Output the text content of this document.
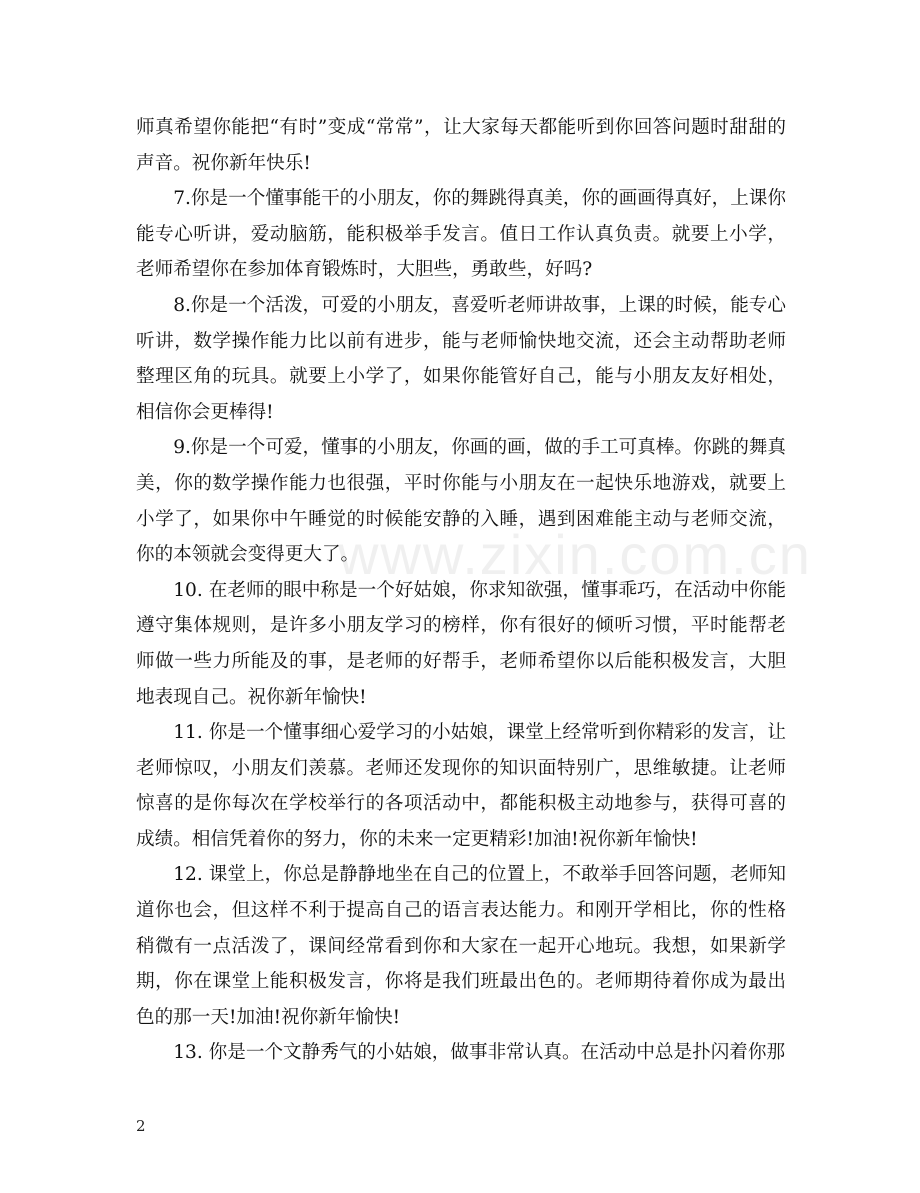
www.zixin.com.cn

师真希望你能把“有时”变成“常常”，让大家每天都能听到你回答问题时甜甜的声音。祝你新年快乐!

7.你是一个懂事能干的小朋友，你的舞跳得真美，你的画画得真好，上课你能专心听讲，爱动脑筋，能积极举手发言。值日工作认真负责。就要上小学，老师希望你在参加体育锻炼时，大胆些，勇敢些，好吗?

8.你是一个活泼，可爱的小朋友，喜爱听老师讲故事，上课的时候，能专心听讲，数学操作能力比以前有进步，能与老师愉快地交流，还会主动帮助老师整理区角的玩具。就要上小学了，如果你能管好自己，能与小朋友友好相处，相信你会更棒得!

9.你是一个可爱，懂事的小朋友，你画的画，做的手工可真棒。你跳的舞真美，你的数学操作能力也很强，平时你能与小朋友在一起快乐地游戏，就要上小学了，如果你中午睡觉的时候能安静的入睡，遇到困难能主动与老师交流，你的本领就会变得更大了。

10. 在老师的眼中称是一个好姑娘，你求知欲强，懂事乖巧，在活动中你能遵守集体规则，是许多小朋友学习的榜样，你有很好的倾听习惯，平时能帮老师做一些力所能及的事，是老师的好帮手，老师希望你以后能积极发言，大胆地表现自己。祝你新年愉快!

11. 你是一个懂事细心爱学习的小姑娘，课堂上经常听到你精彩的发言，让老师惊叹，小朋友们羡慕。老师还发现你的知识面特别广，思维敏捷。让老师惊喜的是你每次在学校举行的各项活动中，都能积极主动地参与，获得可喜的成绩。相信凭着你的努力，你的未来一定更精彩!加油!祝你新年愉快!

12. 课堂上，你总是静静地坐在自己的位置上，不敢举手回答问题，老师知道你也会，但这样不利于提高自己的语言表达能力。和刚开学相比，你的性格稍微有一点活泼了，课间经常看到你和大家在一起开心地玩。我想，如果新学期，你在课堂上能积极发言，你将是我们班最出色的。老师期待着你成为最出色的那一天!加油!祝你新年愉快!

13. 你是一个文静秀气的小姑娘，做事非常认真。在活动中总是扑闪着你那

2
